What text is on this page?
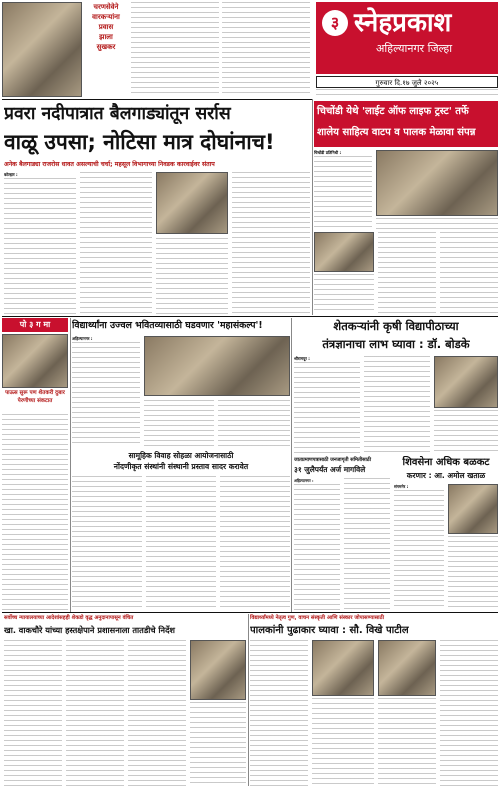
चरणसेवेने
वारकऱ्यांना
प्रवास
झाला
सुखकर
३ स्नेहप्रकाश
अहिल्यानगर जिल्हा
गुरुवार दि.१७ जुलै २०२५
प्रवरा नदीपात्रात बैलगाड्यांतून सर्रास
वाळू उपसा; नोटिसा मात्र दोघांनाच!
अनेक बैलगाड्या राजरोस धावत असल्याची चर्चा; महसूल विभागाच्या निवडक कारवाईवर संताप
कोल्हार :
चिचोंडी येथे 'लाईट ऑफ लाइफ ट्रस्ट' तर्फे
शालेय साहित्य वाटप व पालक मेळावा संपन्न
चिचोंडी प्रतिनिधी :
पो ३ ग मा
पाऊस सुरू पण शेतकरी दुबार पेरणीच्या संकटात
विद्यार्थ्यांना उज्वल भवितव्यासाठी घडवणार 'महासंकल्प'!
अहिल्यानगर :
सामूहिक विवाह सोहळा आयोजनासाठी
नोंदणीकृत संस्थांनी संस्थानी प्रस्ताव सादर करावेत
शेतकऱ्यांनी कृषी विद्यापीठाच्या
तंत्रज्ञानाचा लाभ घ्यावा : डॉ. बोडके
श्रीरामपूर :
जातप्रमाणपत्रासाठी जनजागृती समितीसाठी
३१ जुलैपर्यंत अर्ज मागविले
अहिल्यानगर :
शिवसेना अधिक बळकट
करणार : आ. अमोल खताळ
संगमनेर :
सर्वोच्च न्यायालयाच्या आदेशांसहही शेकडो वृद्ध अनुदानापासून वंचित
खा. वाकचौरे यांच्या हस्तक्षेपाने प्रशासनाला तातडीचे निर्देश
विद्यार्थ्यांमध्ये नेतृत्व गुण, वाचन संस्कृती आणि संस्कार जोपासण्यासाठी
पालकांनी पुढाकार घ्यावा : सौ. विखे पाटील
